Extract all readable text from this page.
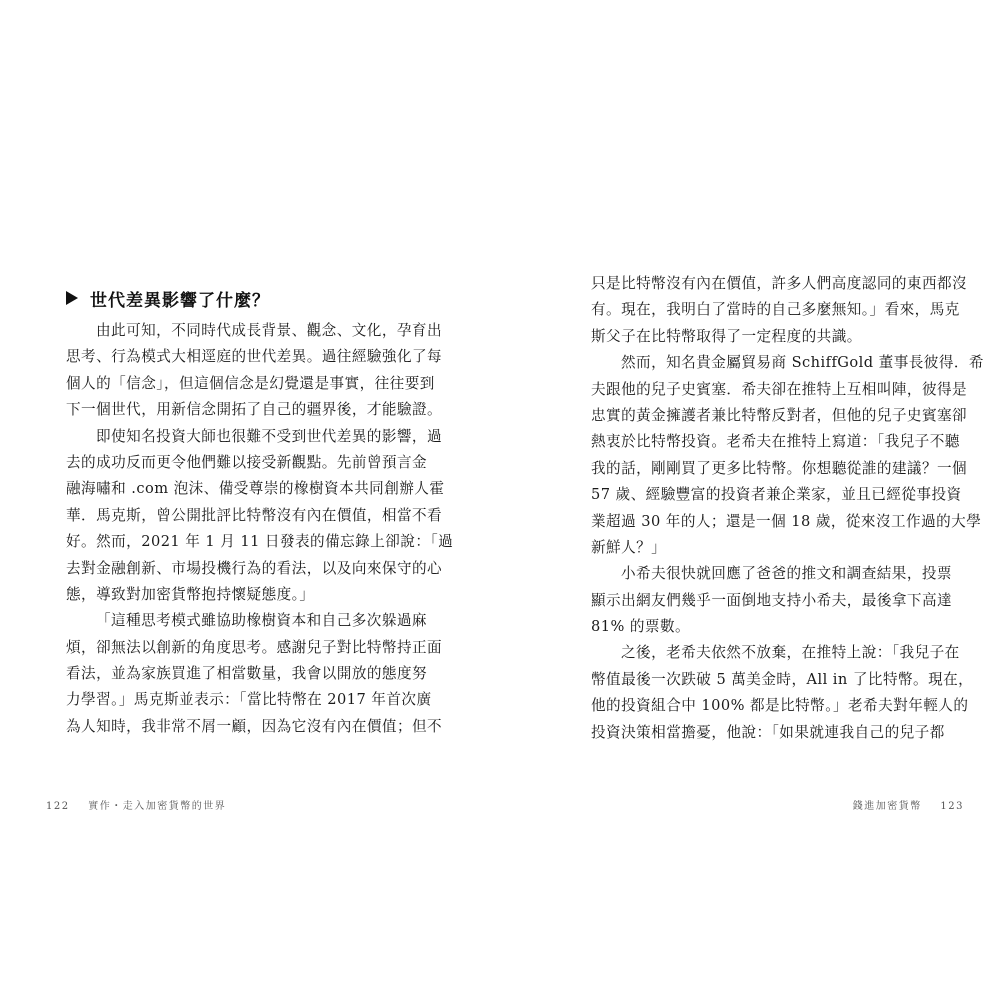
世代差異影響了什麼？
由此可知，不同時代成長背景、觀念、文化，孕育出
思考、行為模式大相逕庭的世代差異。過往經驗強化了每
個人的「信念」，但這個信念是幻覺還是事實，往往要到
下一個世代，用新信念開拓了自己的疆界後，才能驗證。
即使知名投資大師也很難不受到世代差異的影響，過
去的成功反而更令他們難以接受新觀點。先前曾預言金
融海嘯和 .com 泡沫、備受尊崇的橡樹資本共同創辦人霍
華．馬克斯，曾公開批評比特幣沒有內在價值，相當不看
好。然而，2021 年 1 月 11 日發表的備忘錄上卻說：「過
去對金融創新、市場投機行為的看法，以及向來保守的心
態，導致對加密貨幣抱持懷疑態度。」
「這種思考模式雖協助橡樹資本和自己多次躲過麻
煩，卻無法以創新的角度思考。感謝兒子對比特幣持正面
看法，並為家族買進了相當數量，我會以開放的態度努
力學習。」馬克斯並表示：「當比特幣在 2017 年首次廣
為人知時，我非常不屑一顧，因為它沒有內在價值；但不
122 實作・走入加密貨幣的世界
只是比特幣沒有內在價值，許多人們高度認同的東西都沒
有。現在，我明白了當時的自己多麼無知。」看來，馬克
斯父子在比特幣取得了一定程度的共識。
然而，知名貴金屬貿易商 SchiffGold 董事長彼得．希
夫跟他的兒子史賓塞．希夫卻在推特上互相叫陣，彼得是
忠實的黃金擁護者兼比特幣反對者，但他的兒子史賓塞卻
熱衷於比特幣投資。老希夫在推特上寫道：「我兒子不聽
我的話，剛剛買了更多比特幣。你想聽從誰的建議？一個
57 歲、經驗豐富的投資者兼企業家，並且已經從事投資
業超過 30 年的人；還是一個 18 歲，從來沒工作過的大學
新鮮人？」
小希夫很快就回應了爸爸的推文和調查結果，投票
顯示出網友們幾乎一面倒地支持小希夫，最後拿下高達
81% 的票數。
之後，老希夫依然不放棄，在推特上說：「我兒子在
幣值最後一次跌破 5 萬美金時，All in 了比特幣。現在，
他的投資組合中 100% 都是比特幣。」老希夫對年輕人的
投資決策相當擔憂，他說：「如果就連我自己的兒子都
錢進加密貨幣 123
